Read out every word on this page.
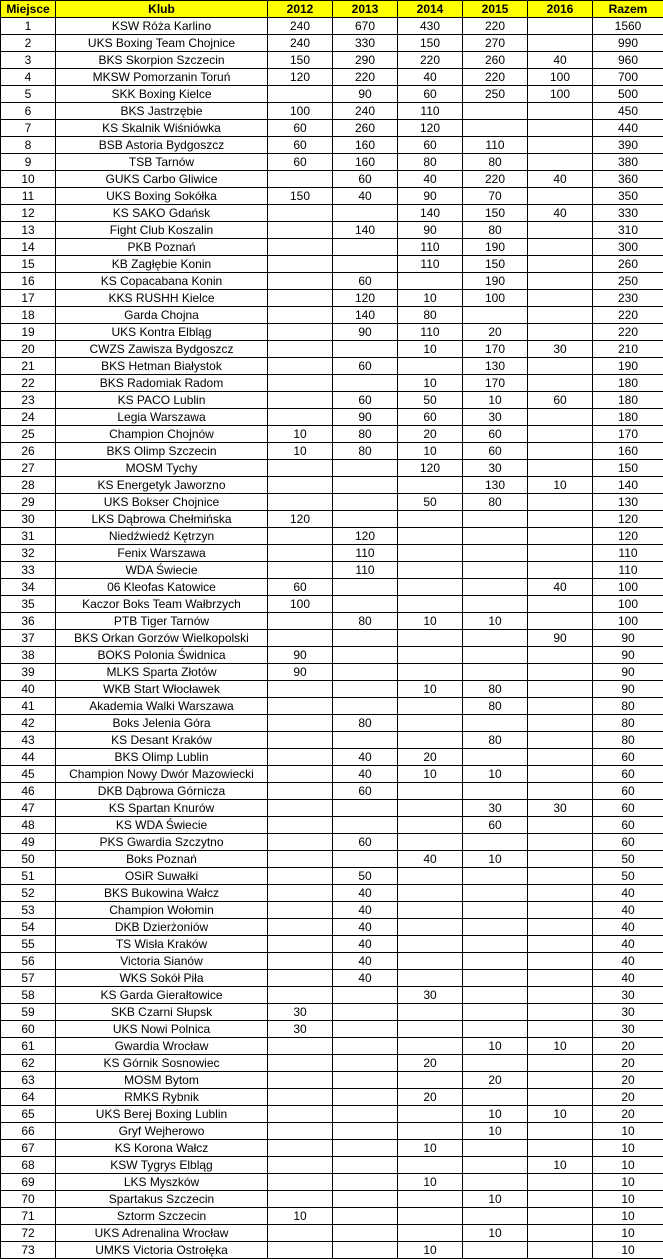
Miejsce	Klub	2012	2013	2014	2015	2016	Razem
1	KSW Róża Karlino	240	670	430	220		1560
2	UKS Boxing Team Chojnice	240	330	150	270		990
3	BKS Skorpion Szczecin	150	290	220	260	40	960
4	MKSW Pomorzanin Toruń	120	220	40	220	100	700
5	SKK Boxing Kielce		90	60	250	100	500
6	BKS Jastrzębie	100	240	110			450
7	KS Skalnik Wiśniówka	60	260	120			440
8	BSB Astoria Bydgoszcz	60	160	60	110		390
9	TSB Tarnów	60	160	80	80		380
10	GUKS Carbo Gliwice		60	40	220	40	360
11	UKS Boxing Sokółka	150	40	90	70		350
12	KS SAKO Gdańsk			140	150	40	330
13	Fight Club Koszalin		140	90	80		310
14	PKB Poznań			110	190		300
15	KB Zagłębie Konin			110	150		260
16	KS Copacabana Konin		60		190		250
17	KKS RUSHH Kielce		120	10	100		230
18	Garda Chojna		140	80			220
19	UKS Kontra Elbląg		90	110	20		220
20	CWZS Zawisza Bydgoszcz			10	170	30	210
21	BKS Hetman Białystok		60		130		190
22	BKS Radomiak Radom			10	170		180
23	KS PACO Lublin		60	50	10	60	180
24	Legia Warszawa		90	60	30		180
25	Champion Chojnów	10	80	20	60		170
26	BKS Olimp Szczecin	10	80	10	60		160
27	MOSM Tychy			120	30		150
28	KS Energetyk Jaworzno				130	10	140
29	UKS Bokser Chojnice			50	80		130
30	LKS Dąbrowa Chełmińska	120					120
31	Niedźwiedź Kętrzyn		120				120
32	Fenix Warszawa		110				110
33	WDA Świecie		110				110
34	06 Kleofas Katowice	60				40	100
35	Kaczor Boks Team Wałbrzych	100					100
36	PTB Tiger Tarnów		80	10	10		100
37	BKS Orkan Gorzów Wielkopolski					90	90
38	BOKS Polonia Świdnica	90					90
39	MLKS Sparta Złotów	90					90
40	WKB Start Włocławek			10	80		90
41	Akademia Walki Warszawa				80		80
42	Boks Jelenia Góra		80				80
43	KS Desant Kraków				80		80
44	BKS Olimp Lublin		40	20			60
45	Champion Nowy Dwór Mazowiecki		40	10	10		60
46	DKB Dąbrowa Górnicza		60				60
47	KS Spartan Knurów				30	30	60
48	KS WDA Świecie				60		60
49	PKS Gwardia Szczytno		60				60
50	Boks Poznań			40	10		50
51	OSiR Suwałki		50				50
52	BKS Bukowina Wałcz		40				40
53	Champion Wołomin		40				40
54	DKB Dzierżoniów		40				40
55	TS Wisła Kraków		40				40
56	Victoria Sianów		40				40
57	WKS Sokół Piła		40				40
58	KS Garda Gierałtowice			30			30
59	SKB Czarni Słupsk	30					30
60	UKS Nowi Polnica	30					30
61	Gwardia Wrocław				10	10	20
62	KS Górnik Sosnowiec			20			20
63	MOSM Bytom				20		20
64	RMKS Rybnik			20			20
65	UKS Berej Boxing Lublin				10	10	20
66	Gryf Wejherowo				10		10
67	KS Korona Wałcz			10			10
68	KSW Tygrys Elbląg					10	10
69	LKS Myszków			10			10
70	Spartakus Szczecin				10		10
71	Sztorm Szczecin	10					10
72	UKS Adrenalina Wrocław				10		10
73	UMKS Victoria Ostrołęka			10			10
